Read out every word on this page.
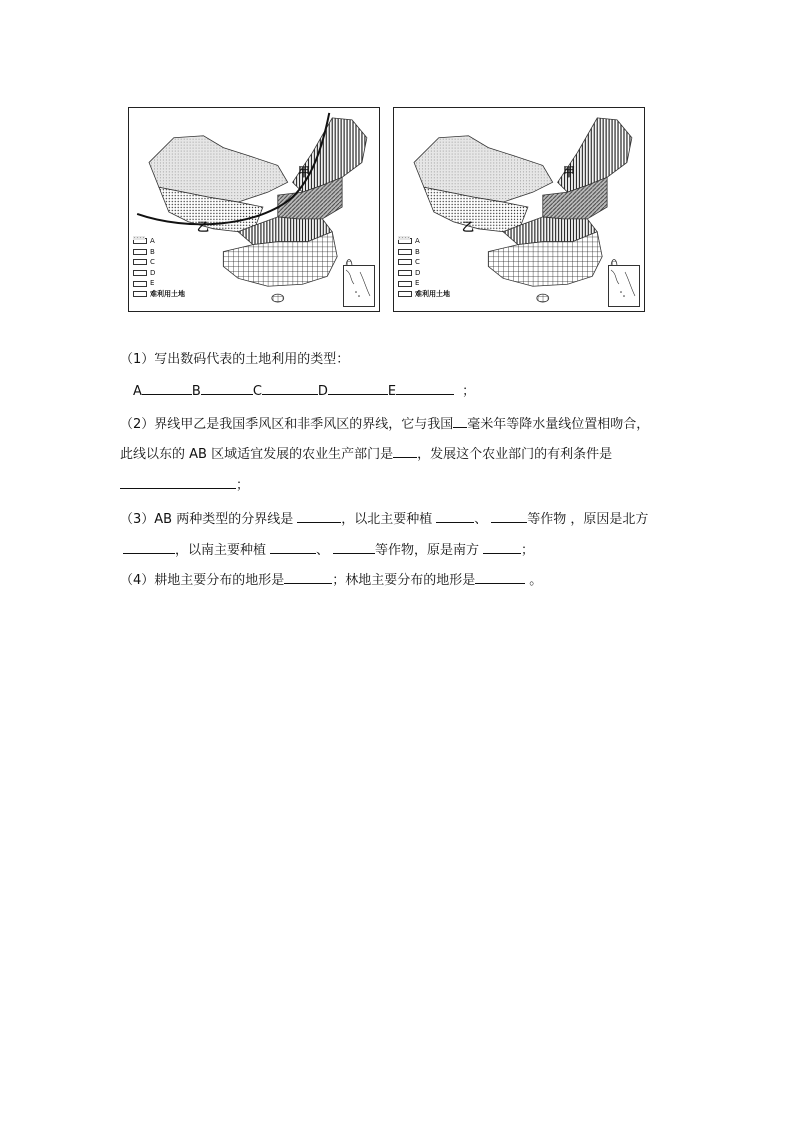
甲
乙
A
B
C
D
E
难利用土地
甲
乙
A
B
C
D
E
难利用土地
（1）写出数码代表的土地利用的类型：
A	B	C	D	E	；
（2）界线甲乙是我国季风区和非季风区的界线，它与我国 毫米年等降水量线位置相吻合，
此线以东的 AB 区域适宜发展的农业生产部门是 ，发展这个农业部门的有利条件是
；
（3）AB 两种类型的分界线是	，以北主要种植	、	等作物 ，原因是北方
，以南主要种植	、	等作物，原是南方	；
（4）耕地主要分布的地形是	；林地主要分布的地形是	。
